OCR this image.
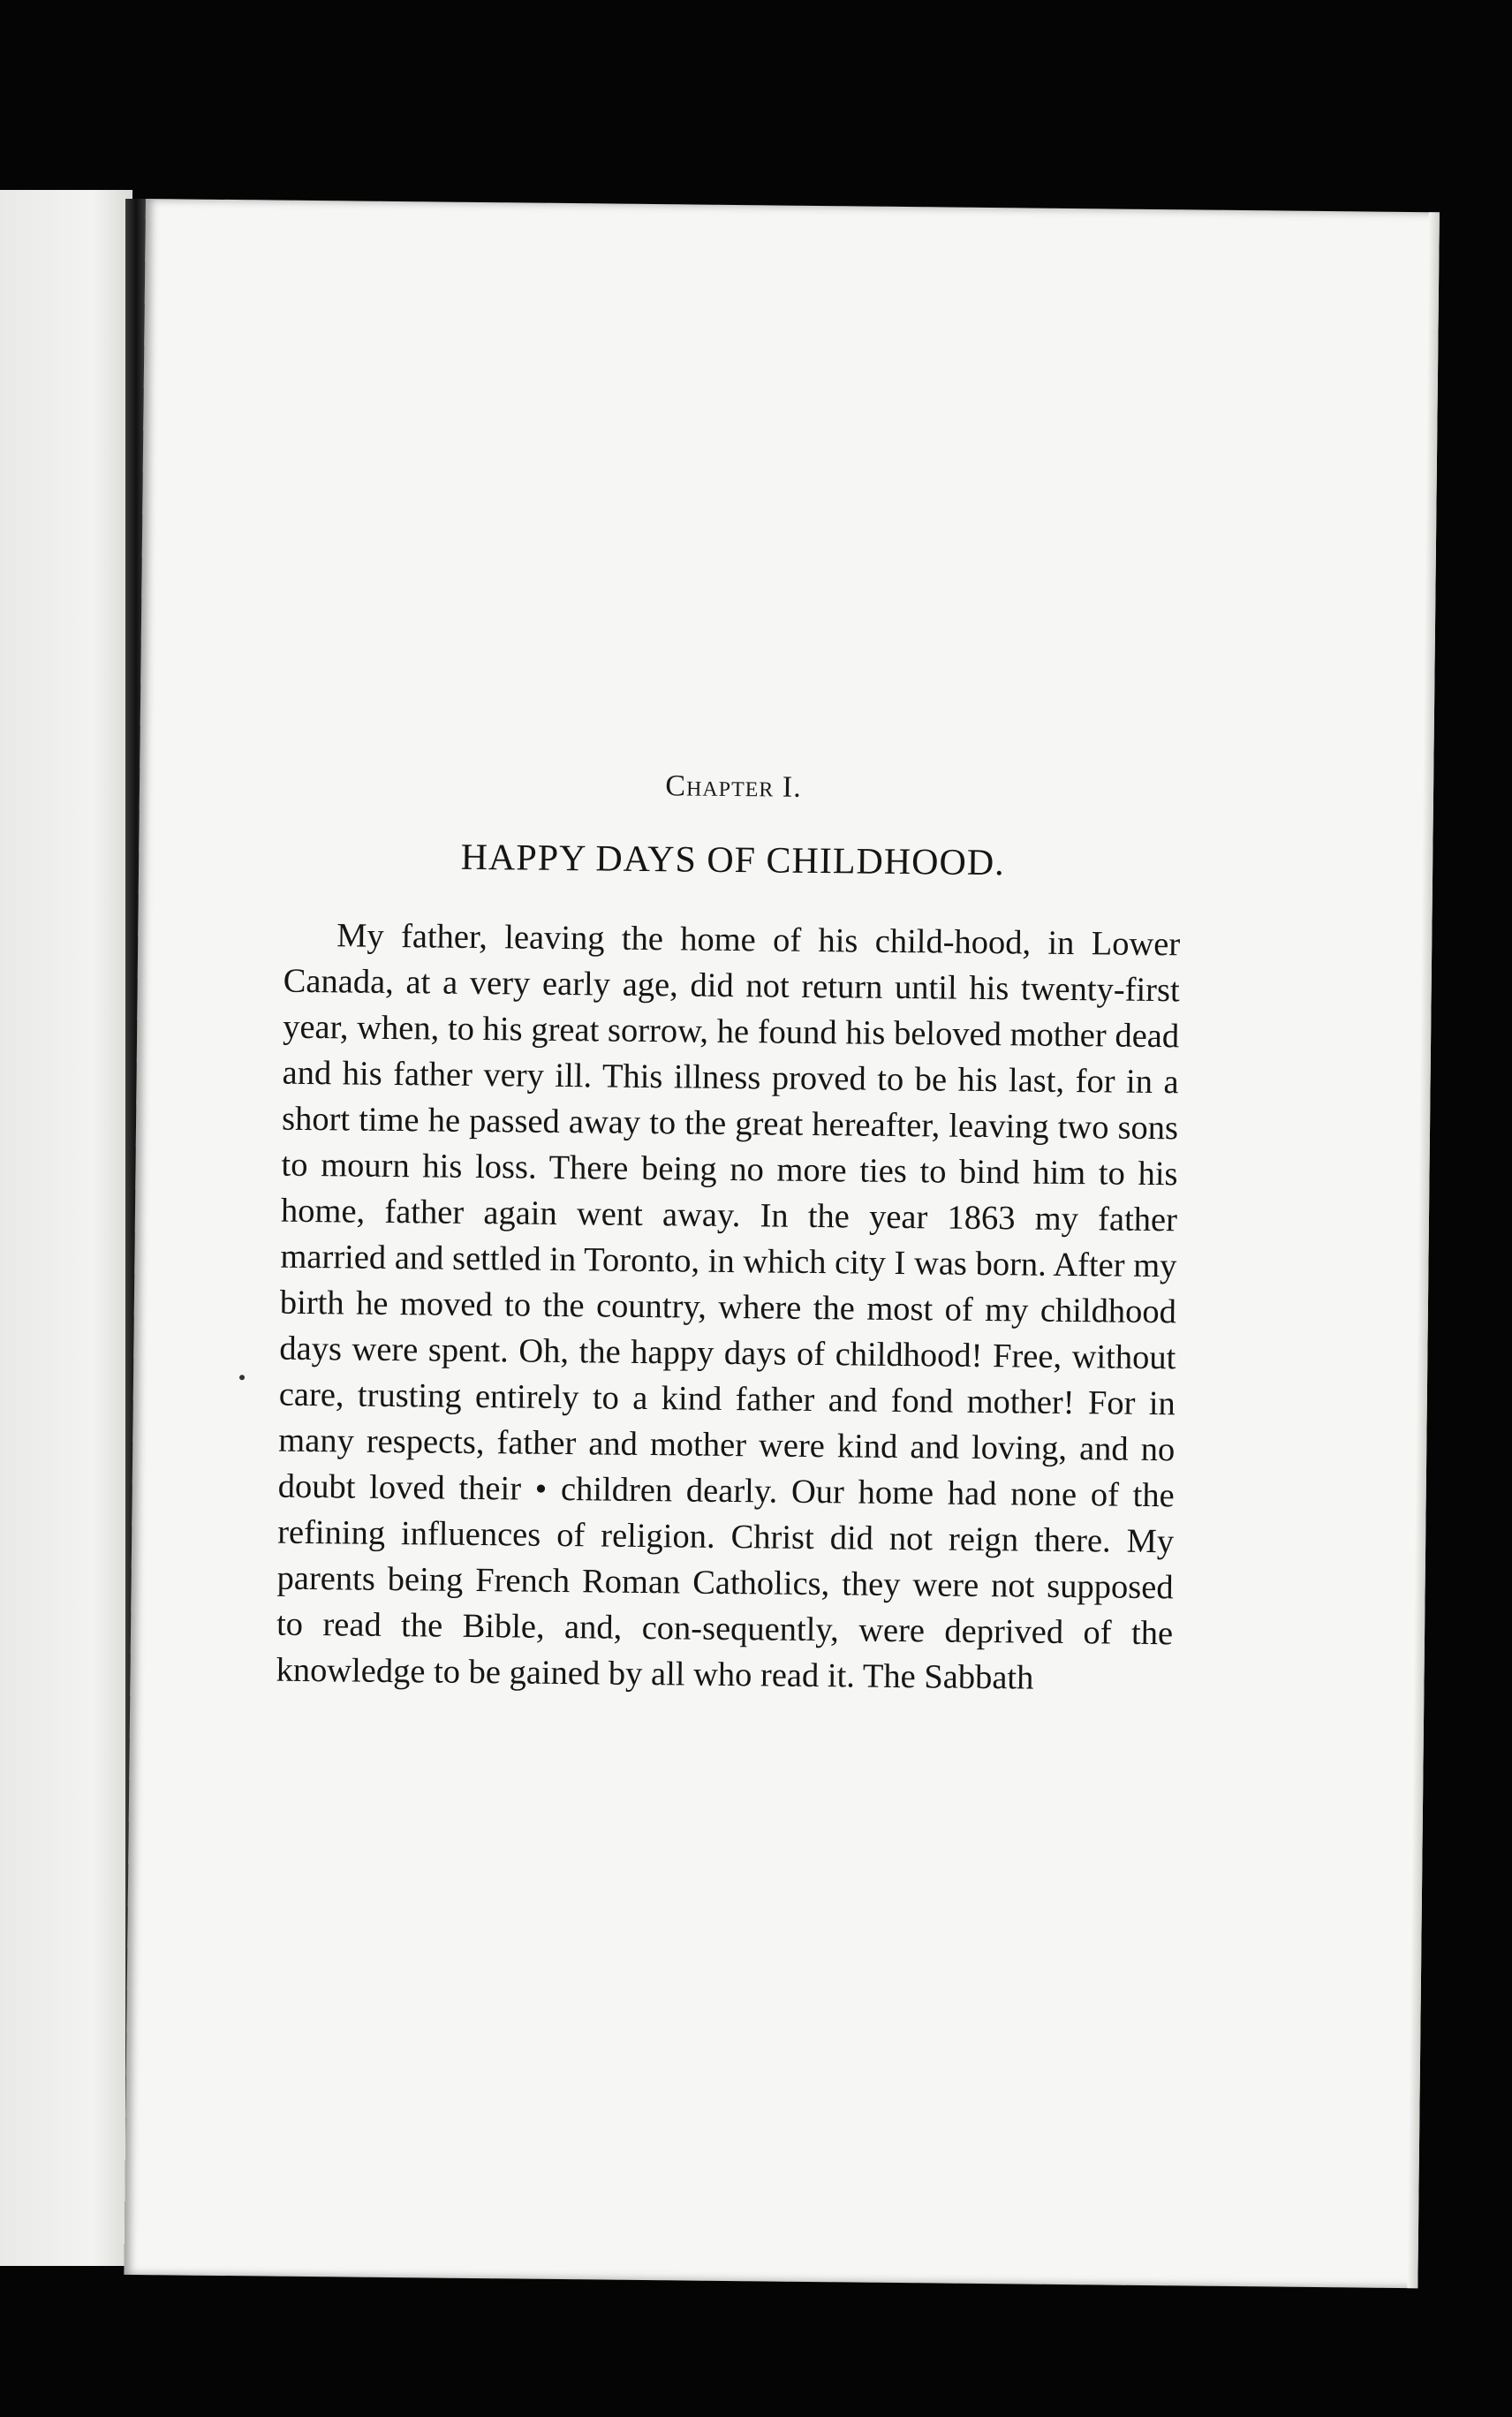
Chapter I.
HAPPY DAYS OF CHILDHOOD.

My father, leaving the home of his child-hood, in Lower Canada, at a very early age, did not return until his twenty-first year, when, to his great sorrow, he found his beloved mother dead and his father very ill. This illness proved to be his last, for in a short time he passed away to the great hereafter, leaving two sons to mourn his loss. There being no more ties to bind him to his home, father again went away. In the year 1863 my father married and settled in Toronto, in which city I was born. After my birth he moved to the country, where the most of my childhood days were spent. Oh, the happy days of childhood! Free, without care, trusting entirely to a kind father and fond mother! For in many respects, father and mother were kind and loving, and no doubt loved their • children dearly. Our home had none of the refining influences of religion. Christ did not reign there. My parents being French Roman Catholics, they were not supposed to read the Bible, and, con-sequently, were deprived of the knowledge to be gained by all who read it. The Sabbath
